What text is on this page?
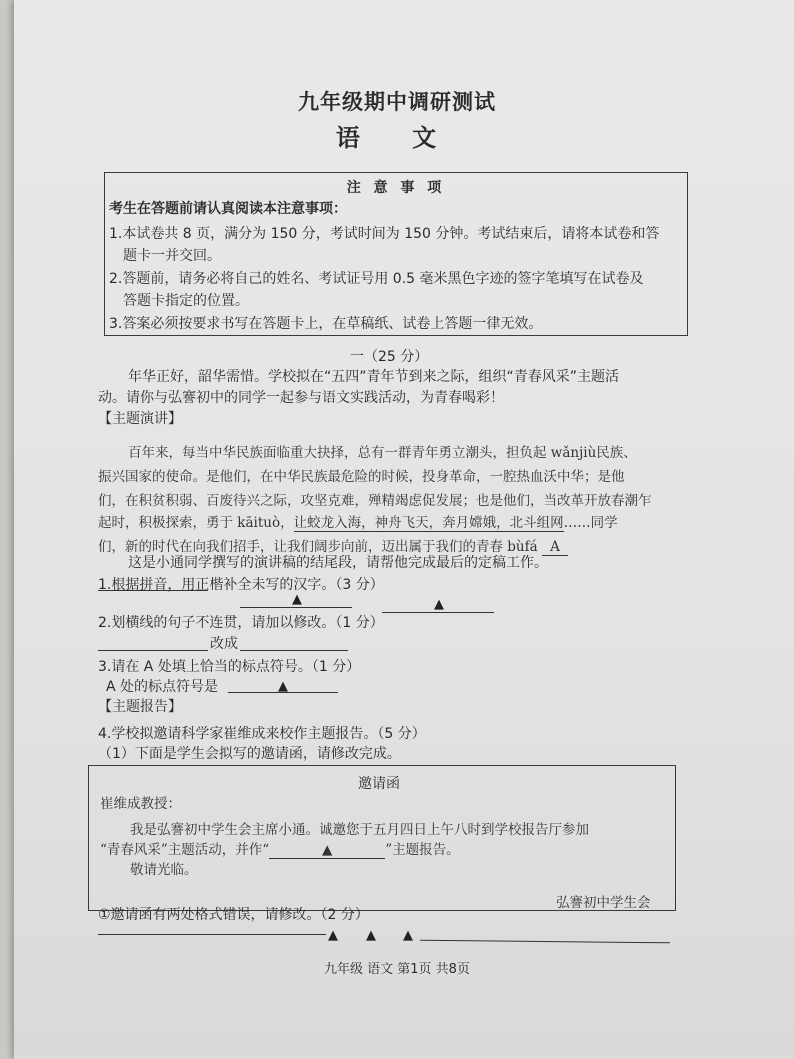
九年级期中调研测试
语 文
注 意 事 项
考生在答题前请认真阅读本注意事项：
1.本试卷共 8 页，满分为 150 分，考试时间为 150 分钟。考试结束后，请将本试卷和答
题卡一并交回。
2.答题前，请务必将自己的姓名、考试证号用 0.5 毫米黑色字迹的签字笔填写在试卷及
答题卡指定的位置。
3.答案必须按要求书写在答题卡上，在草稿纸、试卷上答题一律无效。
一（25 分）
年华正好，韶华需惜。学校拟在“五四”青年节到来之际，组织“青春风采”主题活
动。请你与弘謇初中的同学一起参与语文实践活动，为青春喝彩！
【主题演讲】
百年来，每当中华民族面临重大抉择，总有一群青年勇立潮头，担负起 wǎnjiù民族、
振兴国家的使命。是他们，在中华民族最危险的时候，投身革命，一腔热血沃中华；是他
们，在积贫积弱、百废待兴之际，攻坚克难，殚精竭虑促发展；也是他们，当改革开放春潮乍
起时，积极探索，勇于 kāituò，让蛟龙入海，神舟飞天，奔月嫦娥，北斗组网……同学
们，新的时代在向我们招手，让我们阔步向前，迈出属于我们的青春 bùfá A
这是小通同学撰写的演讲稿的结尾段，请帮他完成最后的定稿工作。
1.根据拼音，用正楷补全未写的汉字。（3 分）
▲	▲
2.划横线的句子不连贯，请加以修改。（1 分）
改成
3.请在 A 处填上恰当的标点符号。（1 分）
A 处的标点符号是	▲
【主题报告】
4.学校拟邀请科学家崔维成来校作主题报告。（5 分）
（1）下面是学生会拟写的邀请函，请修改完成。
邀请函
崔维成教授：
我是弘謇初中学生会主席小通。诚邀您于五月四日上午八时到学校报告厅参加
“青春风采”主题活动，并作“	▲	”主题报告。
敬请光临。
弘謇初中学生会
①邀请函有两处格式错误，请修改。（2 分）
▲ ▲ ▲
九年级 语文 第1页 共8页
